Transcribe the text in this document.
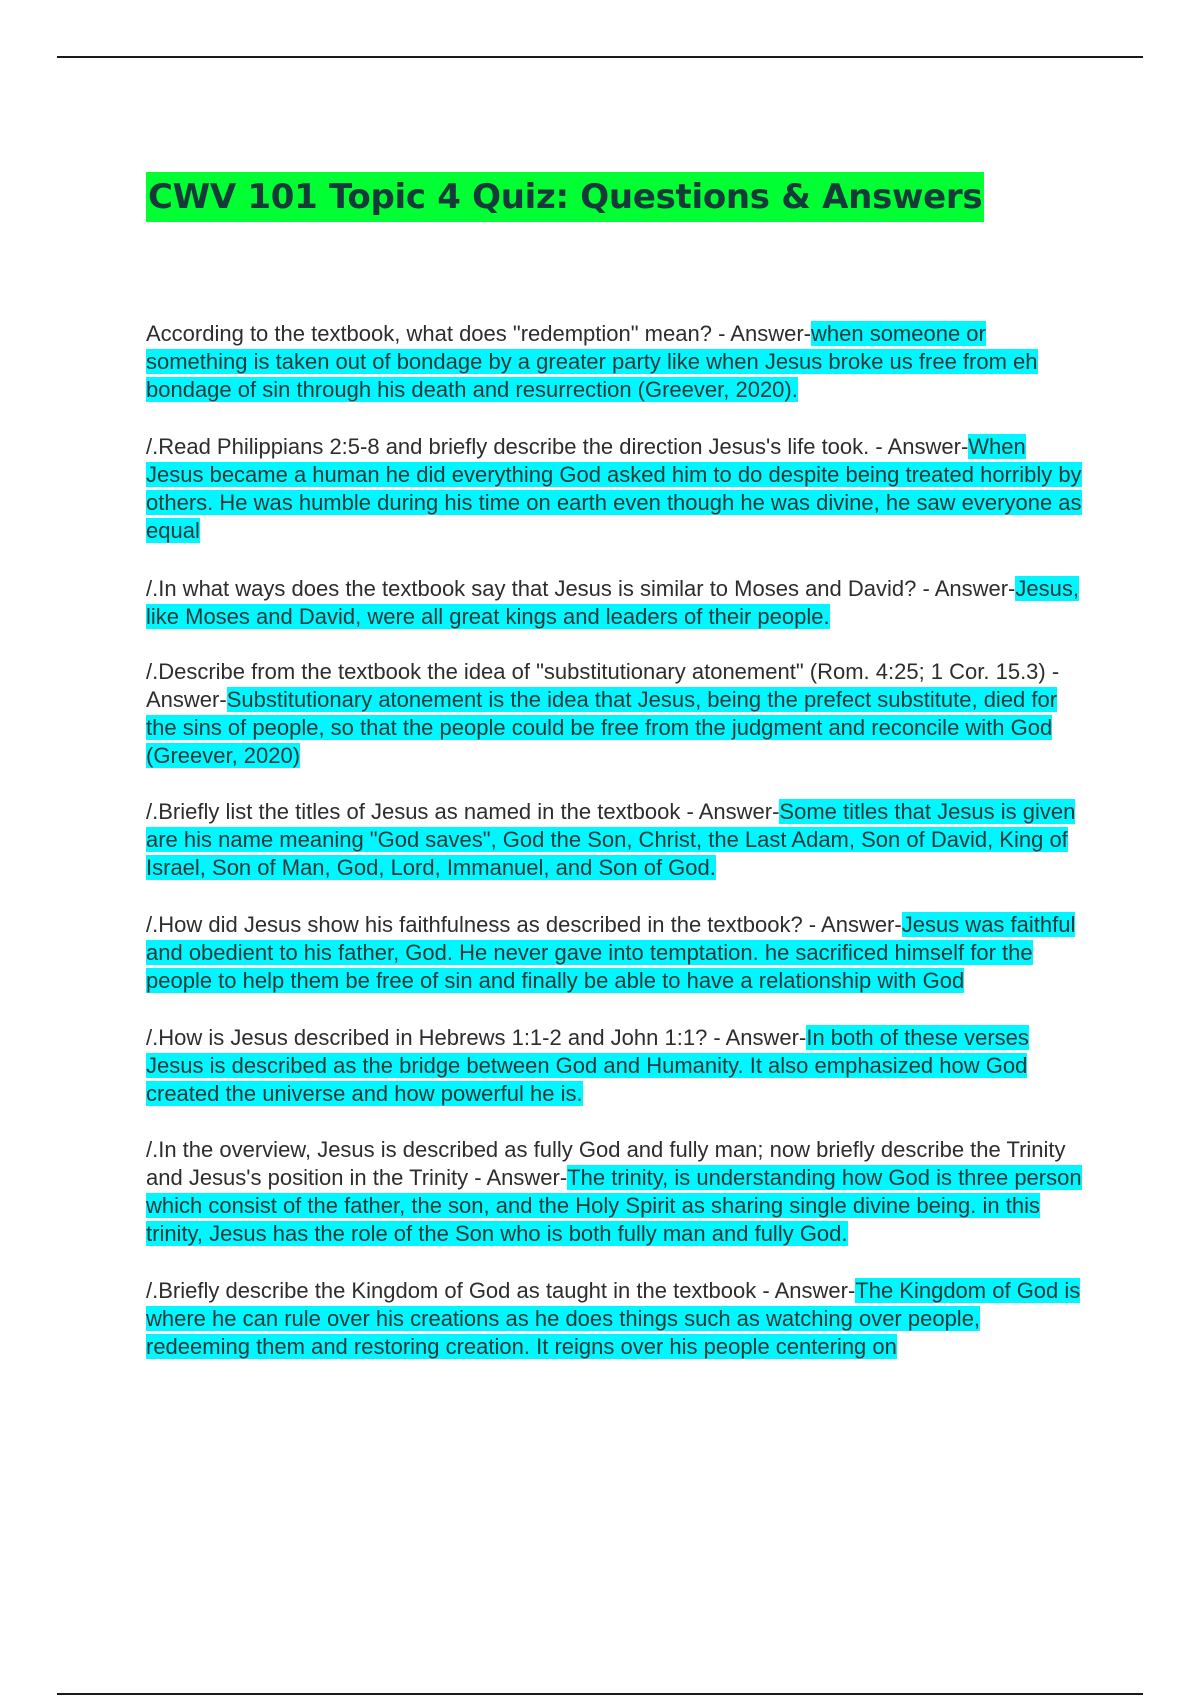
CWV 101 Topic 4 Quiz: Questions & Answers

According to the textbook, what does "redemption" mean? - Answer-when someone or something is taken out of bondage by a greater party like when Jesus broke us free from eh bondage of sin through his death and resurrection (Greever, 2020).

/.Read Philippians 2:5-8 and briefly describe the direction Jesus's life took. - Answer-When Jesus became a human he did everything God asked him to do despite being treated horribly by others. He was humble during his time on earth even though he was divine, he saw everyone as equal

/.In what ways does the textbook say that Jesus is similar to Moses and David? - Answer-Jesus, like Moses and David, were all great kings and leaders of their people.

/.Describe from the textbook the idea of "substitutionary atonement" (Rom. 4:25; 1 Cor. 15.3) - Answer-Substitutionary atonement is the idea that Jesus, being the prefect substitute, died for the sins of people, so that the people could be free from the judgment and reconcile with God (Greever, 2020)

/.Briefly list the titles of Jesus as named in the textbook - Answer-Some titles that Jesus is given are his name meaning "God saves", God the Son, Christ, the Last Adam, Son of David, King of Israel, Son of Man, God, Lord, Immanuel, and Son of God.

/.How did Jesus show his faithfulness as described in the textbook? - Answer-Jesus was faithful and obedient to his father, God. He never gave into temptation. he sacrificed himself for the people to help them be free of sin and finally be able to have a relationship with God

/.How is Jesus described in Hebrews 1:1-2 and John 1:1? - Answer-In both of these verses Jesus is described as the bridge between God and Humanity. It also emphasized how God created the universe and how powerful he is.

/.In the overview, Jesus is described as fully God and fully man; now briefly describe the Trinity and Jesus's position in the Trinity - Answer-The trinity, is understanding how God is three person which consist of the father, the son, and the Holy Spirit as sharing single divine being. in this trinity, Jesus has the role of the Son who is both fully man and fully God.

/.Briefly describe the Kingdom of God as taught in the textbook - Answer-The Kingdom of God is where he can rule over his creations as he does things such as watching over people, redeeming them and restoring creation. It reigns over his people centering on
